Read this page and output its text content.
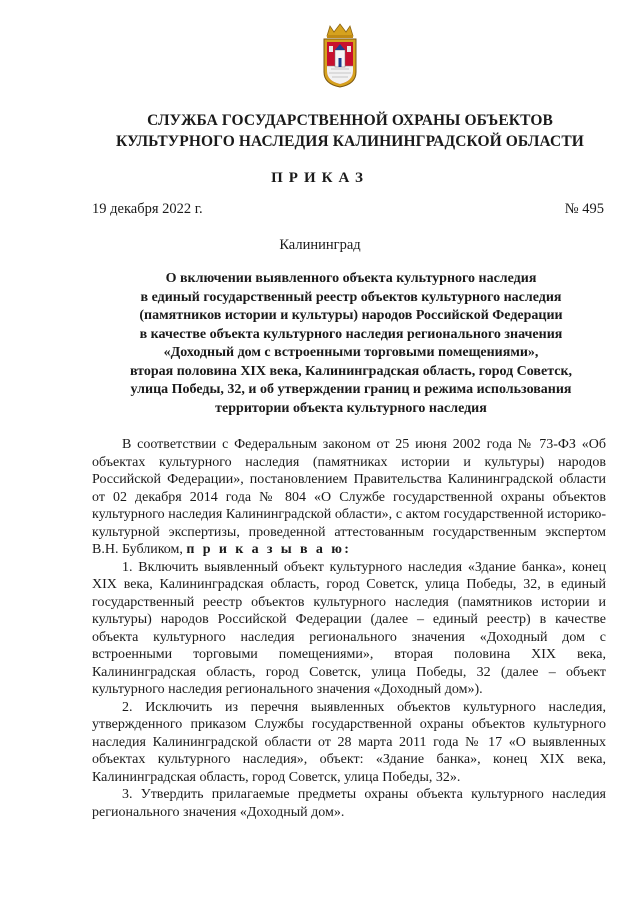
СЛУЖБА ГОСУДАРСТВЕННОЙ ОХРАНЫ ОБЪЕКТОВ
КУЛЬТУРНОГО НАСЛЕДИЯ КАЛИНИНГРАДСКОЙ ОБЛАСТИ
ПРИКАЗ
19 декабря 2022 г.	№ 495
Калининград
О включении выявленного объекта культурного наследия
в единый государственный реестр объектов культурного наследия
(памятников истории и культуры) народов Российской Федерации
в качестве объекта культурного наследия регионального значения
«Доходный дом с встроенными торговыми помещениями»,
вторая половина XIX века, Калининградская область, город Советск,
улица Победы, 32, и об утверждении границ и режима использования
территории объекта культурного наследия

В соответствии с Федеральным законом от 25 июня 2002 года № 73-ФЗ «Об объектах культурного наследия (памятниках истории и культуры) народов Российской Федерации», постановлением Правительства Калининградской области от 02 декабря 2014 года № 804 «О Службе государственной охраны объектов культурного наследия Калининградской области», с актом государственной историко-культурной экспертизы, проведенной аттестованным государственным экспертом В.Н. Бубликом, п р и к а з ы в а ю:

1. Включить выявленный объект культурного наследия «Здание банка», конец XIX века, Калининградская область, город Советск, улица Победы, 32, в единый государственный реестр объектов культурного наследия (памятников истории и культуры) народов Российской Федерации (далее – единый реестр) в качестве объекта культурного наследия регионального значения «Доходный дом с встроенными торговыми помещениями», вторая половина XIX века, Калининградская область, город Советск, улица Победы, 32 (далее – объект культурного наследия регионального значения «Доходный дом»).

2. Исключить из перечня выявленных объектов культурного наследия, утвержденного приказом Службы государственной охраны объектов культурного наследия Калининградской области от 28 марта 2011 года № 17 «О выявленных объектах культурного наследия», объект: «Здание банка», конец XIX века, Калининградская область, город Советск, улица Победы, 32».

3. Утвердить прилагаемые предметы охраны объекта культурного наследия регионального значения «Доходный дом».
